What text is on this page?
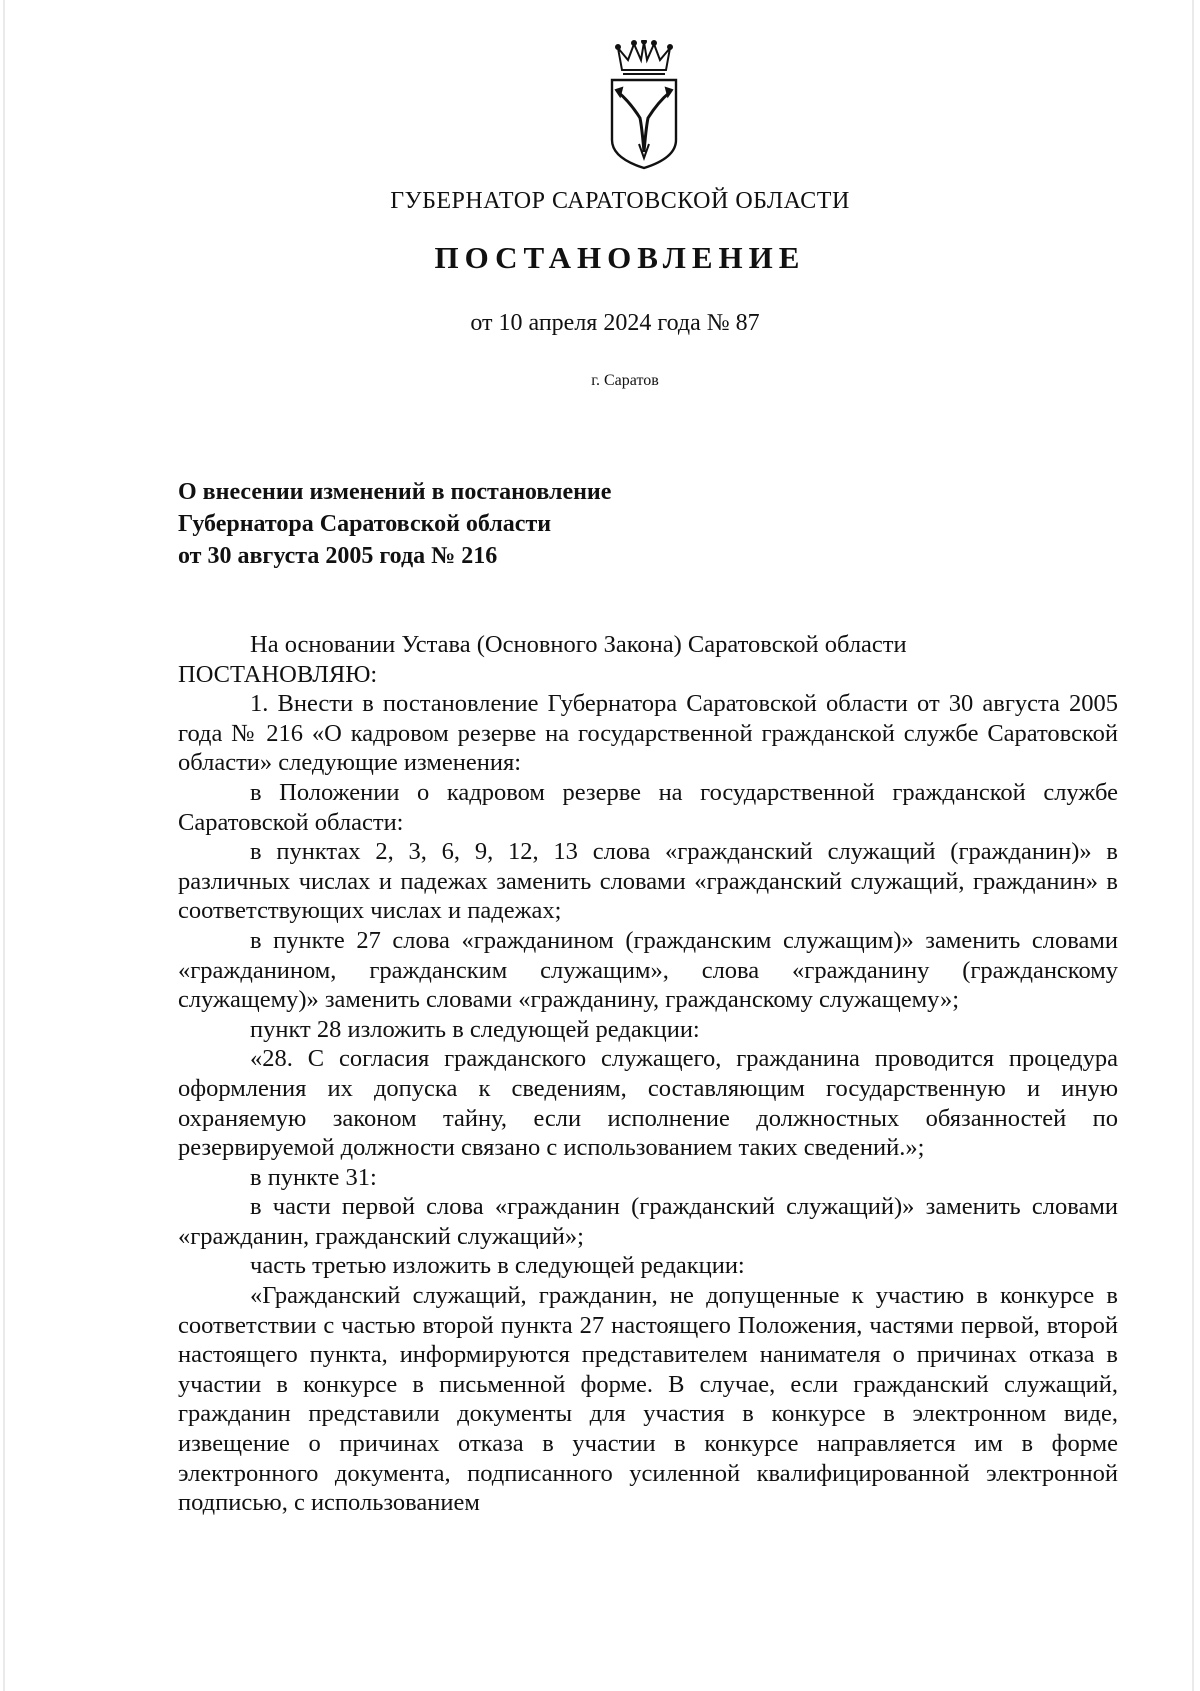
ГУБЕРНАТОР САРАТОВСКОЙ ОБЛАСТИ
ПОСТАНОВЛЕНИЕ
от 10 апреля 2024 года № 87
г. Саратов
О внесении изменений в постановление
Губернатора Саратовской области
от 30 августа 2005 года № 216

На основании Устава (Основного Закона) Саратовской области

ПОСТАНОВЛЯЮ:

1. Внести в постановление Губернатора Саратовской области от 30 августа 2005 года № 216 «О кадровом резерве на государственной гражданской службе Саратовской области» следующие изменения:

в Положении о кадровом резерве на государственной гражданской службе Саратовской области:

в пунктах 2, 3, 6, 9, 12, 13 слова «гражданский служащий (гражданин)» в различных числах и падежах заменить словами «гражданский служащий, гражданин» в соответствующих числах и падежах;

в пункте 27 слова «гражданином (гражданским служащим)» заменить словами «гражданином, гражданским служащим», слова «гражданину (гражданскому служащему)» заменить словами «гражданину, гражданскому служащему»;

пункт 28 изложить в следующей редакции:

«28. С согласия гражданского служащего, гражданина проводится процедура оформления их допуска к сведениям, составляющим государственную и иную охраняемую законом тайну, если исполнение должностных обязанностей по резервируемой должности связано с использованием таких сведений.»;

в пункте 31:

в части первой слова «гражданин (гражданский служащий)» заменить словами «гражданин, гражданский служащий»;

часть третью изложить в следующей редакции:

«Гражданский служащий, гражданин, не допущенные к участию в конкурсе в соответствии с частью второй пункта 27 настоящего Положения, частями первой, второй настоящего пункта, информируются представителем нанимателя о причинах отказа в участии в конкурсе в письменной форме. В случае, если гражданский служащий, гражданин представили документы для участия в конкурсе в электронном виде, извещение о причинах отказа в участии в конкурсе направляется им в форме электронного документа, подписанного усиленной квалифицированной электронной подписью, с использованием
